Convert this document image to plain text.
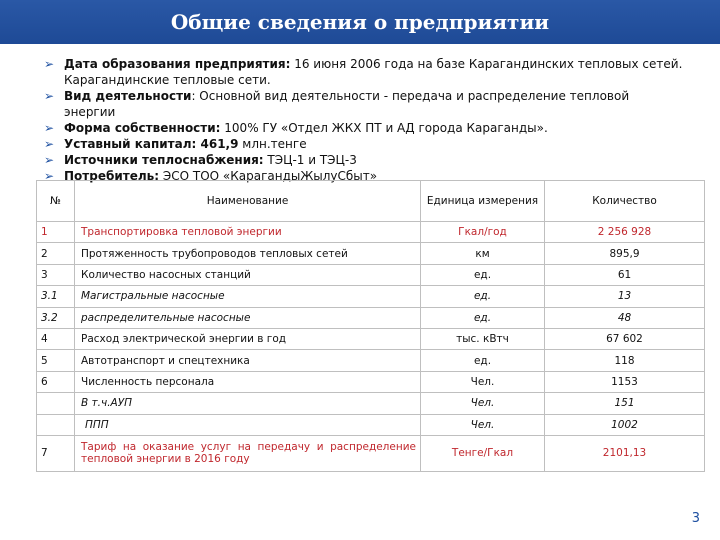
Общие сведения о предприятии
➢ Дата образования предприятия: 16 июня 2006 года на базе Карагандинских тепловых сетей. Карагандинские тепловые сети.
➢ Вид деятельности: Основной вид деятельности - передача и распределение тепловой энергии
➢ Форма собственности: 100% ГУ «Отдел ЖКХ ПТ и АД города Караганды».
➢ Уставный капитал: 461,9 млн.тенге
➢ Источники теплоснабжения: ТЭЦ-1 и ТЭЦ-3
➢ Потребитель: ЭСО ТОО «КарагандыЖылуСбыт»
№	Наименование	Единица измерения	Количество
1	Транспортировка тепловой энергии	Гкал/год	2 256 928
2	Протяженность трубопроводов тепловых сетей	км	895,9
3	Количество насосных станций	ед.	61
3.1	Магистральные насосные	ед.	13
3.2	распределительные насосные	ед.	48
4	Расход электрической энергии в год	тыс. кВтч	67 602
5	Автотранспорт и спецтехника	ед.	118
6	Численность персонала	Чел.	1153
	В т.ч.АУП	Чел.	151
	ППП	Чел.	1002
7	Тариф на оказание услуг на передачу и распределение тепловой энергии в 2016 году	Тенге/Гкал	2101,13
3
